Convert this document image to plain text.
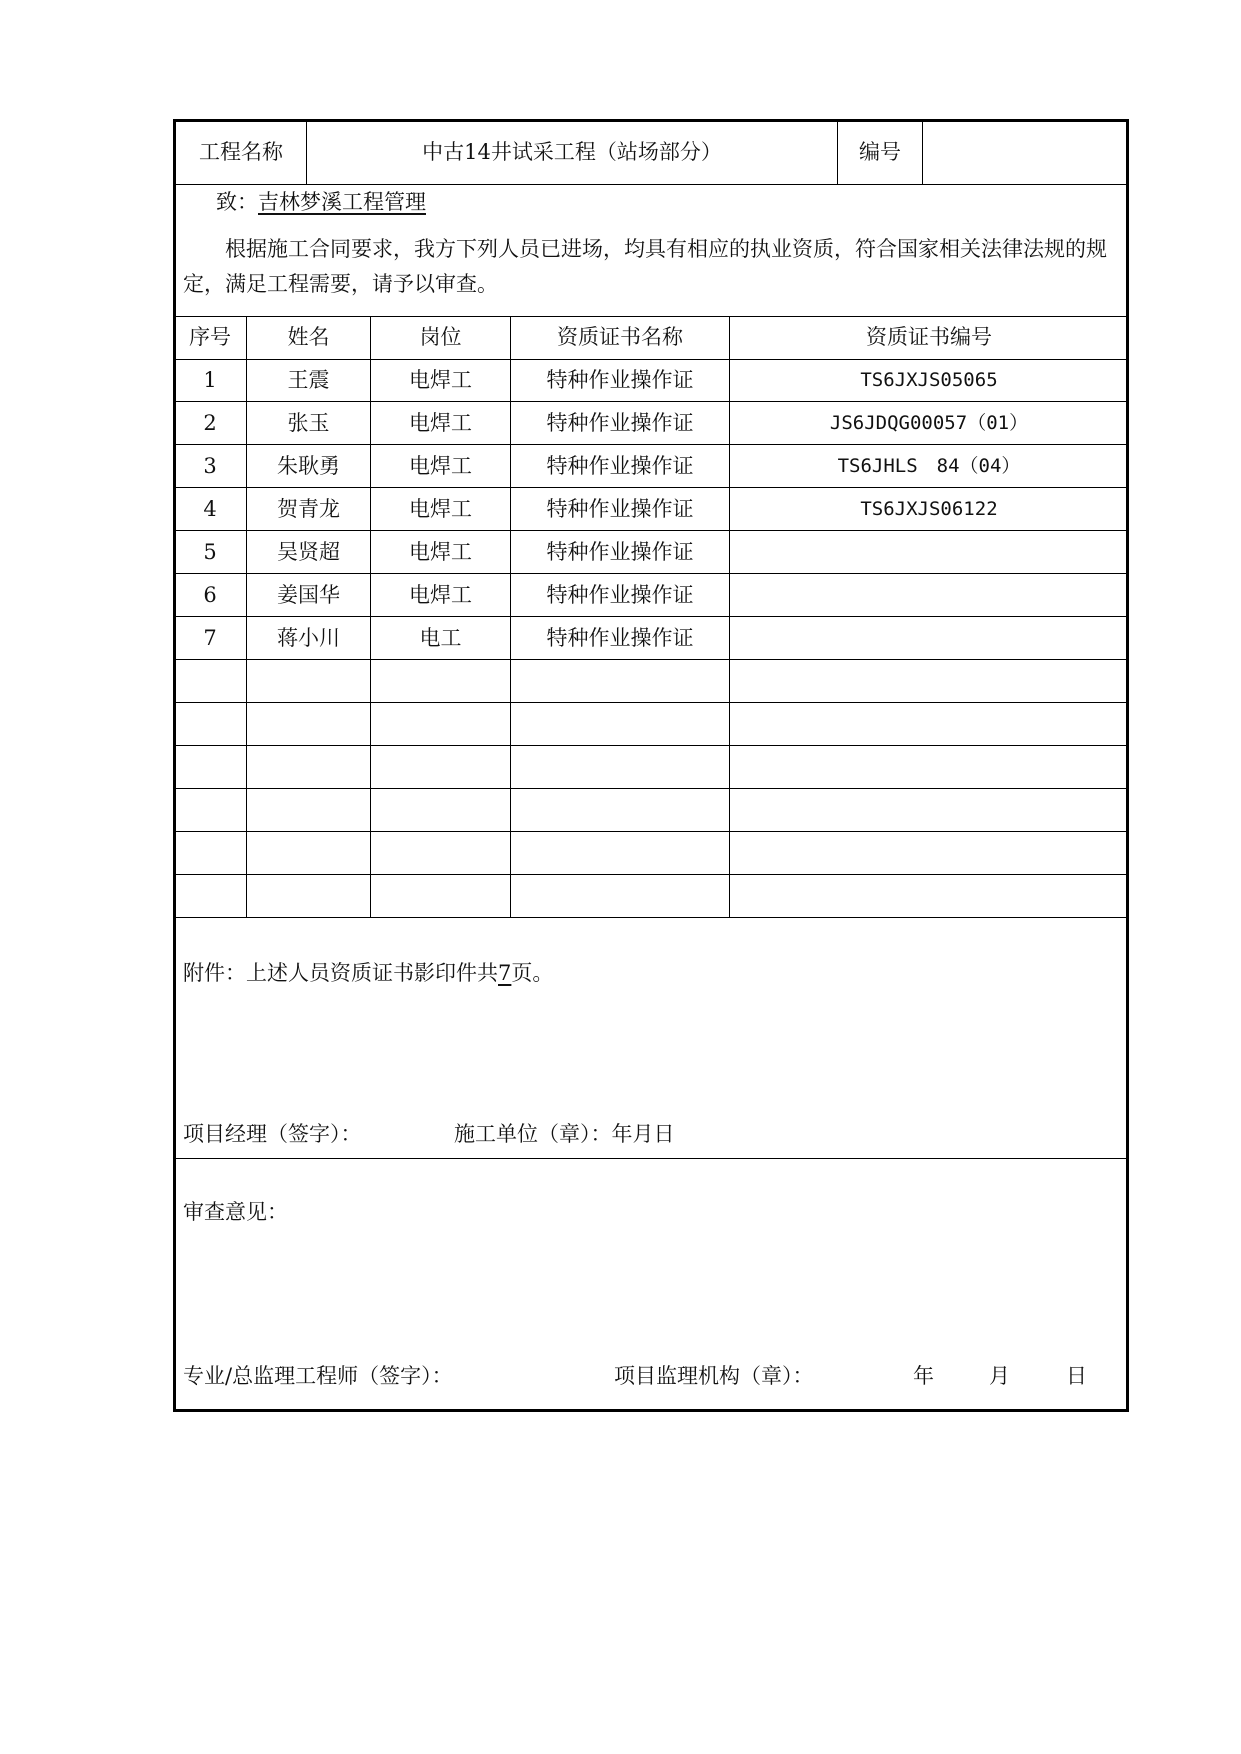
工程名称	中古14井试采工程（站场部分）	编号
致：吉林梦溪工程管理
根据施工合同要求，我方下列人员已进场，均具有相应的执业资质，符合国家相关法律法规的规定，满足工程需要，请予以审查。
序号	姓名	岗位	资质证书名称	资质证书编号
1	王震	电焊工	特种作业操作证	TS6JXJS05065
2	张玉	电焊工	特种作业操作证	JS6JDQG00057（01）
3	朱耿勇	电焊工	特种作业操作证	TS6JHLS　84（04）
4	贺青龙	电焊工	特种作业操作证	TS6JXJS06122
5	吴贤超	电焊工	特种作业操作证
6	姜国华	电焊工	特种作业操作证
7	蒋小川	电工	特种作业操作证
附件：上述人员资质证书影印件共7页。
项目经理（签字）：	施工单位（章）：年月日
审查意见：
专业/总监理工程师（签字）：	项目监理机构（章）：	年	月	日
